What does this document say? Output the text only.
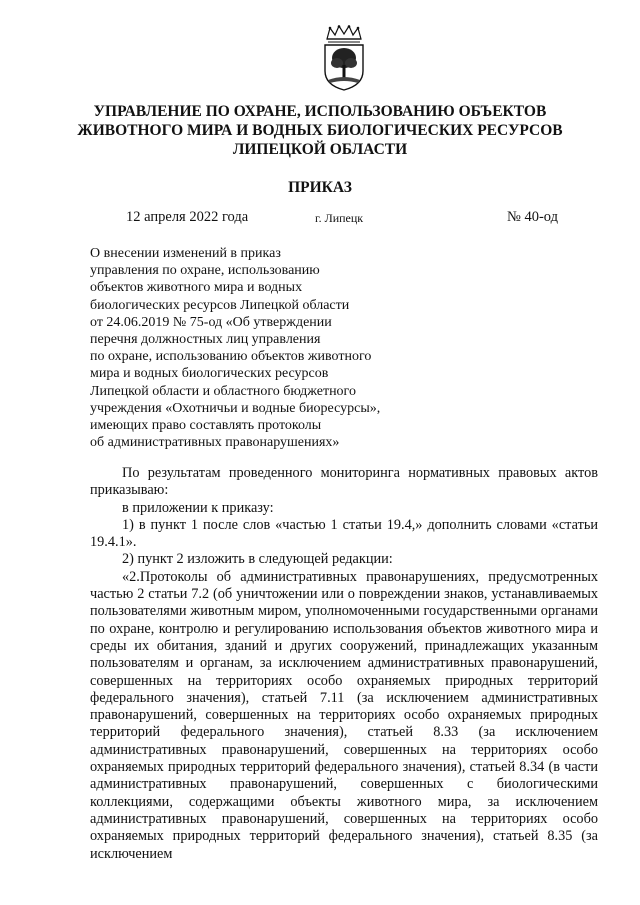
УПРАВЛЕНИЕ ПО ОХРАНЕ, ИСПОЛЬЗОВАНИЮ ОБЪЕКТОВ
ЖИВОТНОГО МИРА И ВОДНЫХ БИОЛОГИЧЕСКИХ РЕСУРСОВ
ЛИПЕЦКОЙ ОБЛАСТИ
ПРИКАЗ
12 апреля 2022 года	г. Липецк	№ 40-од
О внесении изменений в приказ
управления по охране, использованию
объектов животного мира и водных
биологических ресурсов Липецкой области
от 24.06.2019 № 75-од «Об утверждении
перечня должностных лиц управления
по охране, использованию объектов животного
мира и водных биологических ресурсов
Липецкой области и областного бюджетного
учреждения «Охотничьи и водные биоресурсы»,
имеющих право составлять протоколы
об административных правонарушениях»

По результатам проведенного мониторинга нормативных правовых актов приказываю:

в приложении к приказу:

1) в пункт 1 после слов «частью 1 статьи 19.4,» дополнить словами «статьи 19.4.1».

2) пункт 2 изложить в следующей редакции:

«2.Протоколы об административных правонарушениях, предусмотренных частью 2 статьи 7.2 (об уничтожении или о повреждении знаков, устанавливаемых пользователями животным миром, уполномоченными государственными органами по охране, контролю и регулированию использования объектов животного мира и среды их обитания, зданий и других сооружений, принадлежащих указанным пользователям и органам, за исключением административных правонарушений, совершенных на территориях особо охраняемых природных территорий федерального значения), статьей 7.11 (за исключением административных правонарушений, совершенных на территориях особо охраняемых природных территорий федерального значения), статьей 8.33 (за исключением административных правонарушений, совершенных на территориях особо охраняемых природных территорий федерального значения), статьей 8.34 (в части административных правонарушений, совершенных с биологическими коллекциями, содержащими объекты животного мира, за исключением административных правонарушений, совершенных на территориях особо охраняемых природных территорий федерального значения), статьей 8.35 (за исключением
